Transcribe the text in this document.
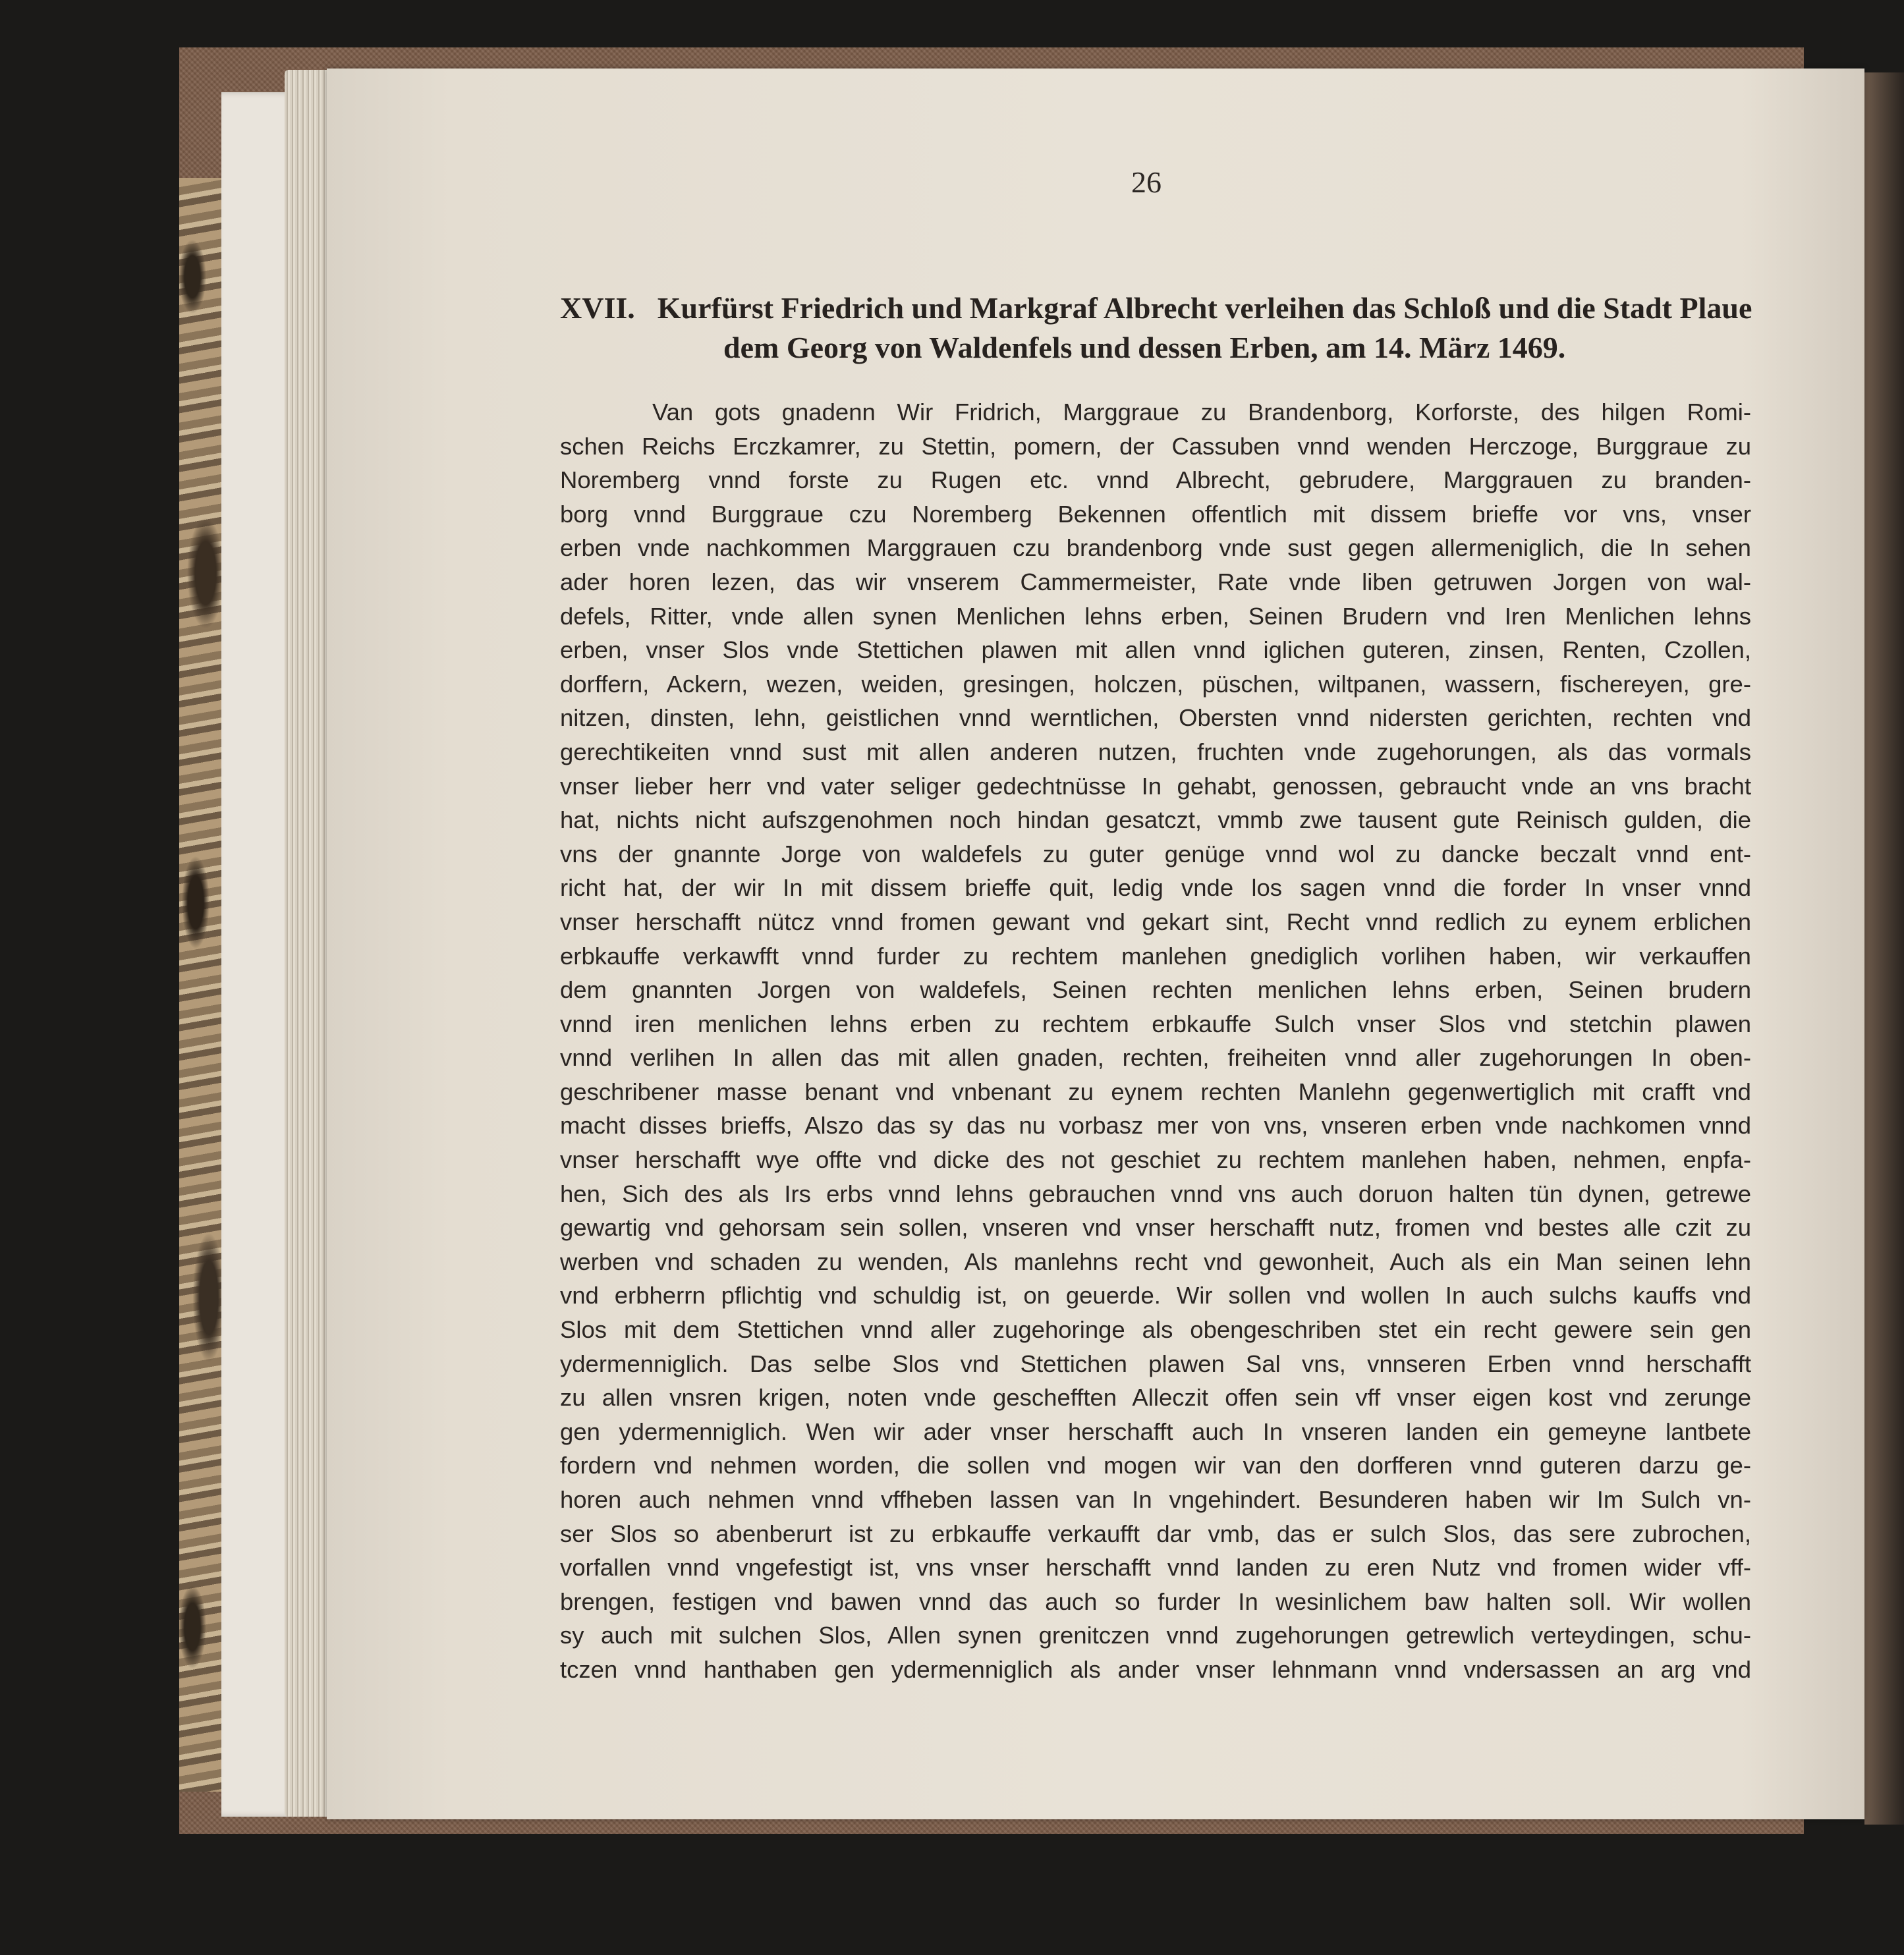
26
XVII. Kurfürst Friedrich und Markgraf Albrecht verleihen das Schloß und die Stadt Plaue
dem Georg von Waldenfels und dessen Erben, am 14. März 1469.
Van gots gnadenn Wir Fridrich, Marggraue zu Brandenborg, Korforste, des hilgen Romi-
schen Reichs Erczkamrer, zu Stettin, pomern, der Cassuben vnnd wenden Herczoge, Burggraue zu
Noremberg vnnd forste zu Rugen etc. vnnd Albrecht, gebrudere, Marggrauen zu branden-
borg vnnd Burggraue czu Noremberg Bekennen offentlich mit dissem brieffe vor vns, vnser
erben vnde nachkommen Marggrauen czu brandenborg vnde sust gegen allermeniglich, die In sehen
ader horen lezen, das wir vnserem Cammermeister, Rate vnde liben getruwen Jorgen von wal-
defels, Ritter, vnde allen synen Menlichen lehns erben, Seinen Brudern vnd Iren Menlichen lehns
erben, vnser Slos vnde Stettichen plawen mit allen vnnd iglichen guteren, zinsen, Renten, Czollen,
dorffern, Ackern, wezen, weiden, gresingen, holczen, püschen, wiltpanen, wassern, fischereyen, gre-
nitzen, dinsten, lehn, geistlichen vnnd werntlichen, Obersten vnnd nidersten gerichten, rechten vnd
gerechtikeiten vnnd sust mit allen anderen nutzen, fruchten vnde zugehorungen, als das vormals
vnser lieber herr vnd vater seliger gedechtnüsse In gehabt, genossen, gebraucht vnde an vns bracht
hat, nichts nicht aufszgenohmen noch hindan gesatczt, vmmb zwe tausent gute Reinisch gulden, die
vns der gnannte Jorge von waldefels zu guter genüge vnnd wol zu dancke beczalt vnnd ent-
richt hat, der wir In mit dissem brieffe quit, ledig vnde los sagen vnnd die forder In vnser vnnd
vnser herschafft nütcz vnnd fromen gewant vnd gekart sint, Recht vnnd redlich zu eynem erblichen
erbkauffe verkawfft vnnd furder zu rechtem manlehen gnediglich vorlihen haben, wir verkauffen
dem gnannten Jorgen von waldefels, Seinen rechten menlichen lehns erben, Seinen brudern
vnnd iren menlichen lehns erben zu rechtem erbkauffe Sulch vnser Slos vnd stetchin plawen
vnnd verlihen In allen das mit allen gnaden, rechten, freiheiten vnnd aller zugehorungen In oben-
geschribener masse benant vnd vnbenant zu eynem rechten Manlehn gegenwertiglich mit crafft vnd
macht disses brieffs, Alszo das sy das nu vorbasz mer von vns, vnseren erben vnde nachkomen vnnd
vnser herschafft wye offte vnd dicke des not geschiet zu rechtem manlehen haben, nehmen, enpfa-
hen, Sich des als Irs erbs vnnd lehns gebrauchen vnnd vns auch doruon halten tün dynen, getrewe
gewartig vnd gehorsam sein sollen, vnseren vnd vnser herschafft nutz, fromen vnd bestes alle czit zu
werben vnd schaden zu wenden, Als manlehns recht vnd gewonheit, Auch als ein Man seinen lehn
vnd erbherrn pflichtig vnd schuldig ist, on geuerde. Wir sollen vnd wollen In auch sulchs kauffs vnd
Slos mit dem Stettichen vnnd aller zugehoringe als obengeschriben stet ein recht gewere sein gen
ydermenniglich. Das selbe Slos vnd Stettichen plawen Sal vns, vnnseren Erben vnnd herschafft
zu allen vnsren krigen, noten vnde geschefften Alleczit offen sein vff vnser eigen kost vnd zerunge
gen ydermenniglich. Wen wir ader vnser herschafft auch In vnseren landen ein gemeyne lantbete
fordern vnd nehmen worden, die sollen vnd mogen wir van den dorfferen vnnd guteren darzu ge-
horen auch nehmen vnnd vffheben lassen van In vngehindert. Besunderen haben wir Im Sulch vn-
ser Slos so abenberurt ist zu erbkauffe verkaufft dar vmb, das er sulch Slos, das sere zubrochen,
vorfallen vnnd vngefestigt ist, vns vnser herschafft vnnd landen zu eren Nutz vnd fromen wider vff-
brengen, festigen vnd bawen vnnd das auch so furder In wesinlichem baw halten soll. Wir wollen
sy auch mit sulchen Slos, Allen synen grenitczen vnnd zugehorungen getrewlich verteydingen, schu-
tczen vnnd hanthaben gen ydermenniglich als ander vnser lehnmann vnnd vndersassen an arg vnd
